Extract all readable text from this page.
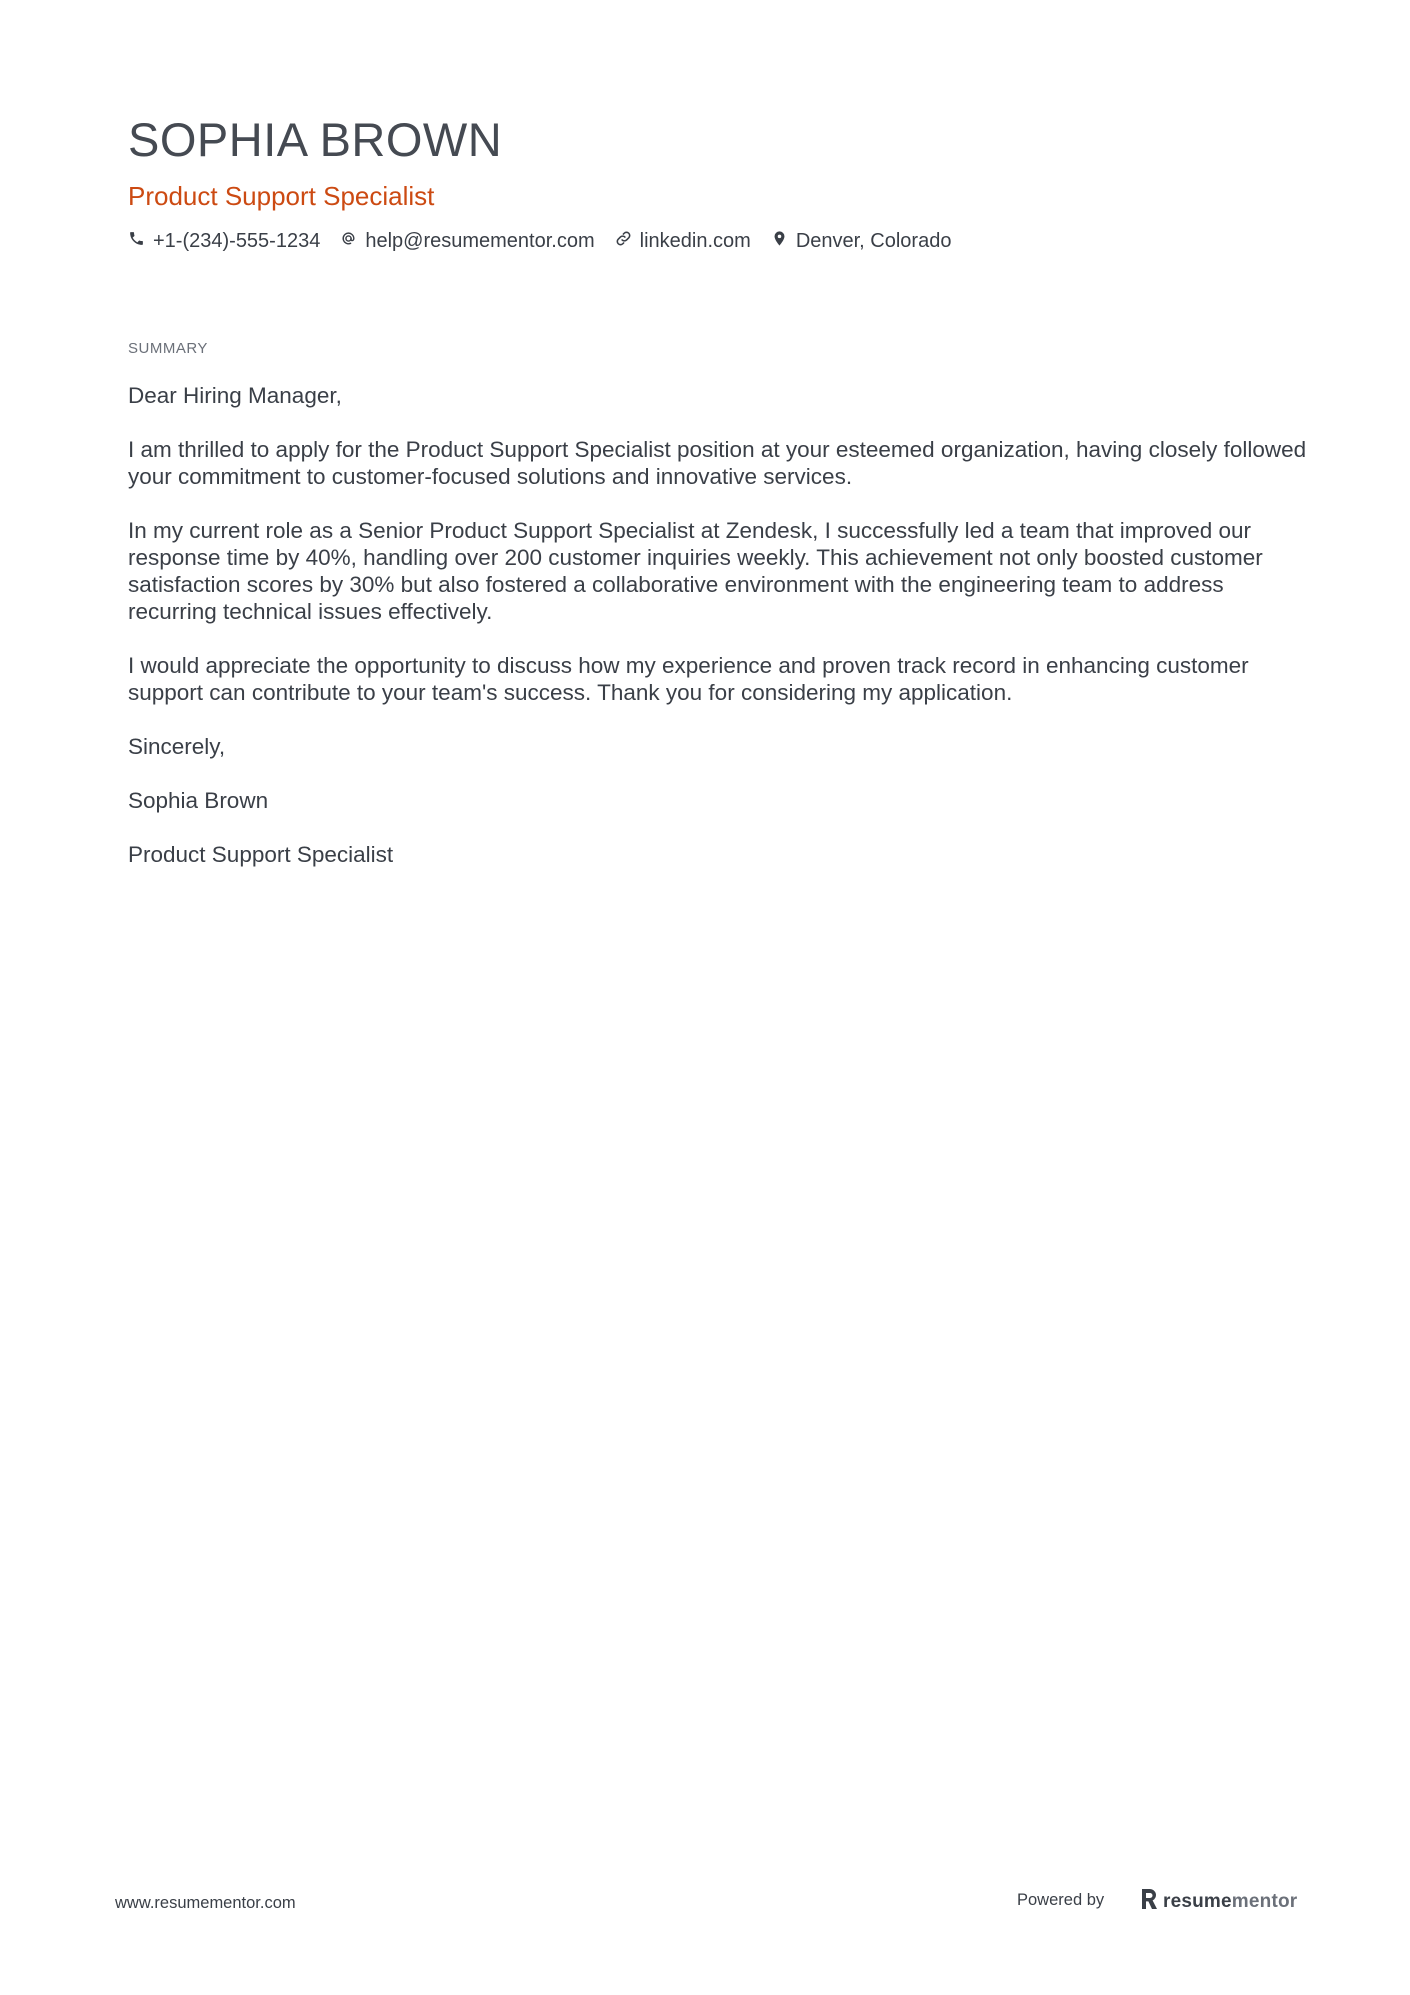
SOPHIA BROWN
Product Support Specialist
+1-(234)-555-1234 help@resumementor.com linkedin.com Denver, Colorado
SUMMARY

Dear Hiring Manager,

I am thrilled to apply for the Product Support Specialist position at your esteemed organization, having closely followed your commitment to customer-focused solutions and innovative services.

In my current role as a Senior Product Support Specialist at Zendesk, I successfully led a team that improved our response time by 40%, handling over 200 customer inquiries weekly. This achievement not only boosted customer satisfaction scores by 30% but also fostered a collaborative environment with the engineering team to address recurring technical issues effectively.

I would appreciate the opportunity to discuss how my experience and proven track record in enhancing customer support can contribute to your team's success. Thank you for considering my application.

Sincerely,

Sophia Brown

Product Support Specialist

www.resumementor.com	Powered by	resumementor
